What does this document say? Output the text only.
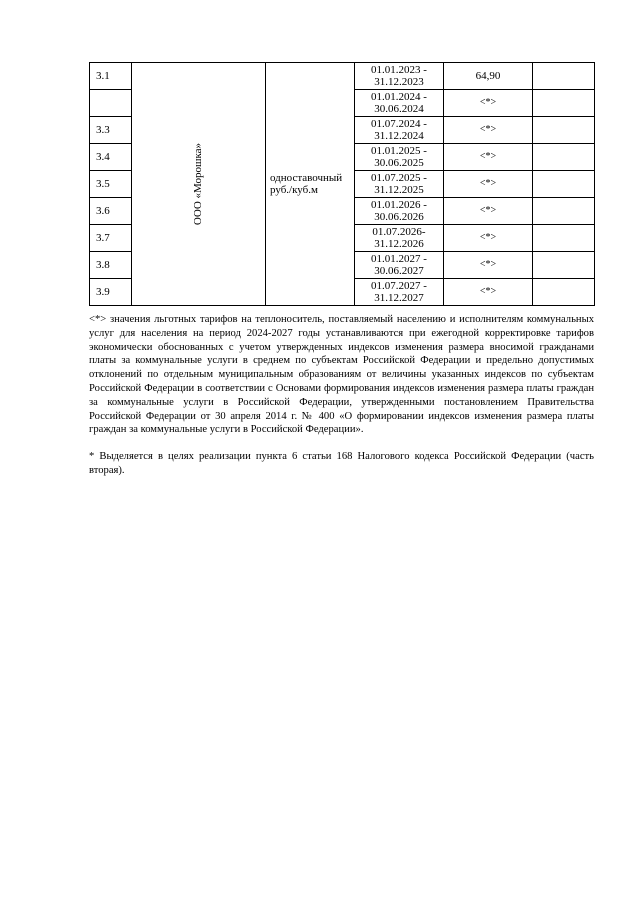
3.1	ООО «Морошка»	одноставочный руб./куб.м	01.01.2023 - 31.12.2023	64,90	
			01.01.2024 - 30.06.2024	<*>	
3.3			01.07.2024 - 31.12.2024	<*>	
3.4			01.01.2025 - 30.06.2025	<*>	
3.5			01.07.2025 - 31.12.2025	<*>	
3.6			01.01.2026 - 30.06.2026	<*>	
3.7			01.07.2026- 31.12.2026	<*>	
3.8			01.01.2027 - 30.06.2027	<*>	
3.9			01.07.2027 - 31.12.2027	<*>	

<*> значения льготных тарифов на теплоноситель, поставляемый населению и исполнителям коммунальных услуг для населения на период 2024-2027 годы устанавливаются при ежегодной корректировке тарифов экономически обоснованных с учетом утвержденных индексов изменения размера вносимой гражданами платы за коммунальные услуги в среднем по субъектам Российской Федерации и предельно допустимых отклонений по отдельным муниципальным образованиям от величины указанных индексов по субъектам Российской Федерации в соответствии с Основами формирования индексов изменения размера платы граждан за коммунальные услуги в Российской Федерации, утвержденными постановлением Правительства Российской Федерации от 30 апреля 2014 г. № 400 «О формировании индексов изменения размера платы граждан за коммунальные услуги в Российской Федерации».

* Выделяется в целях реализации пункта 6 статьи 168 Налогового кодекса Российской Федерации (часть вторая).
